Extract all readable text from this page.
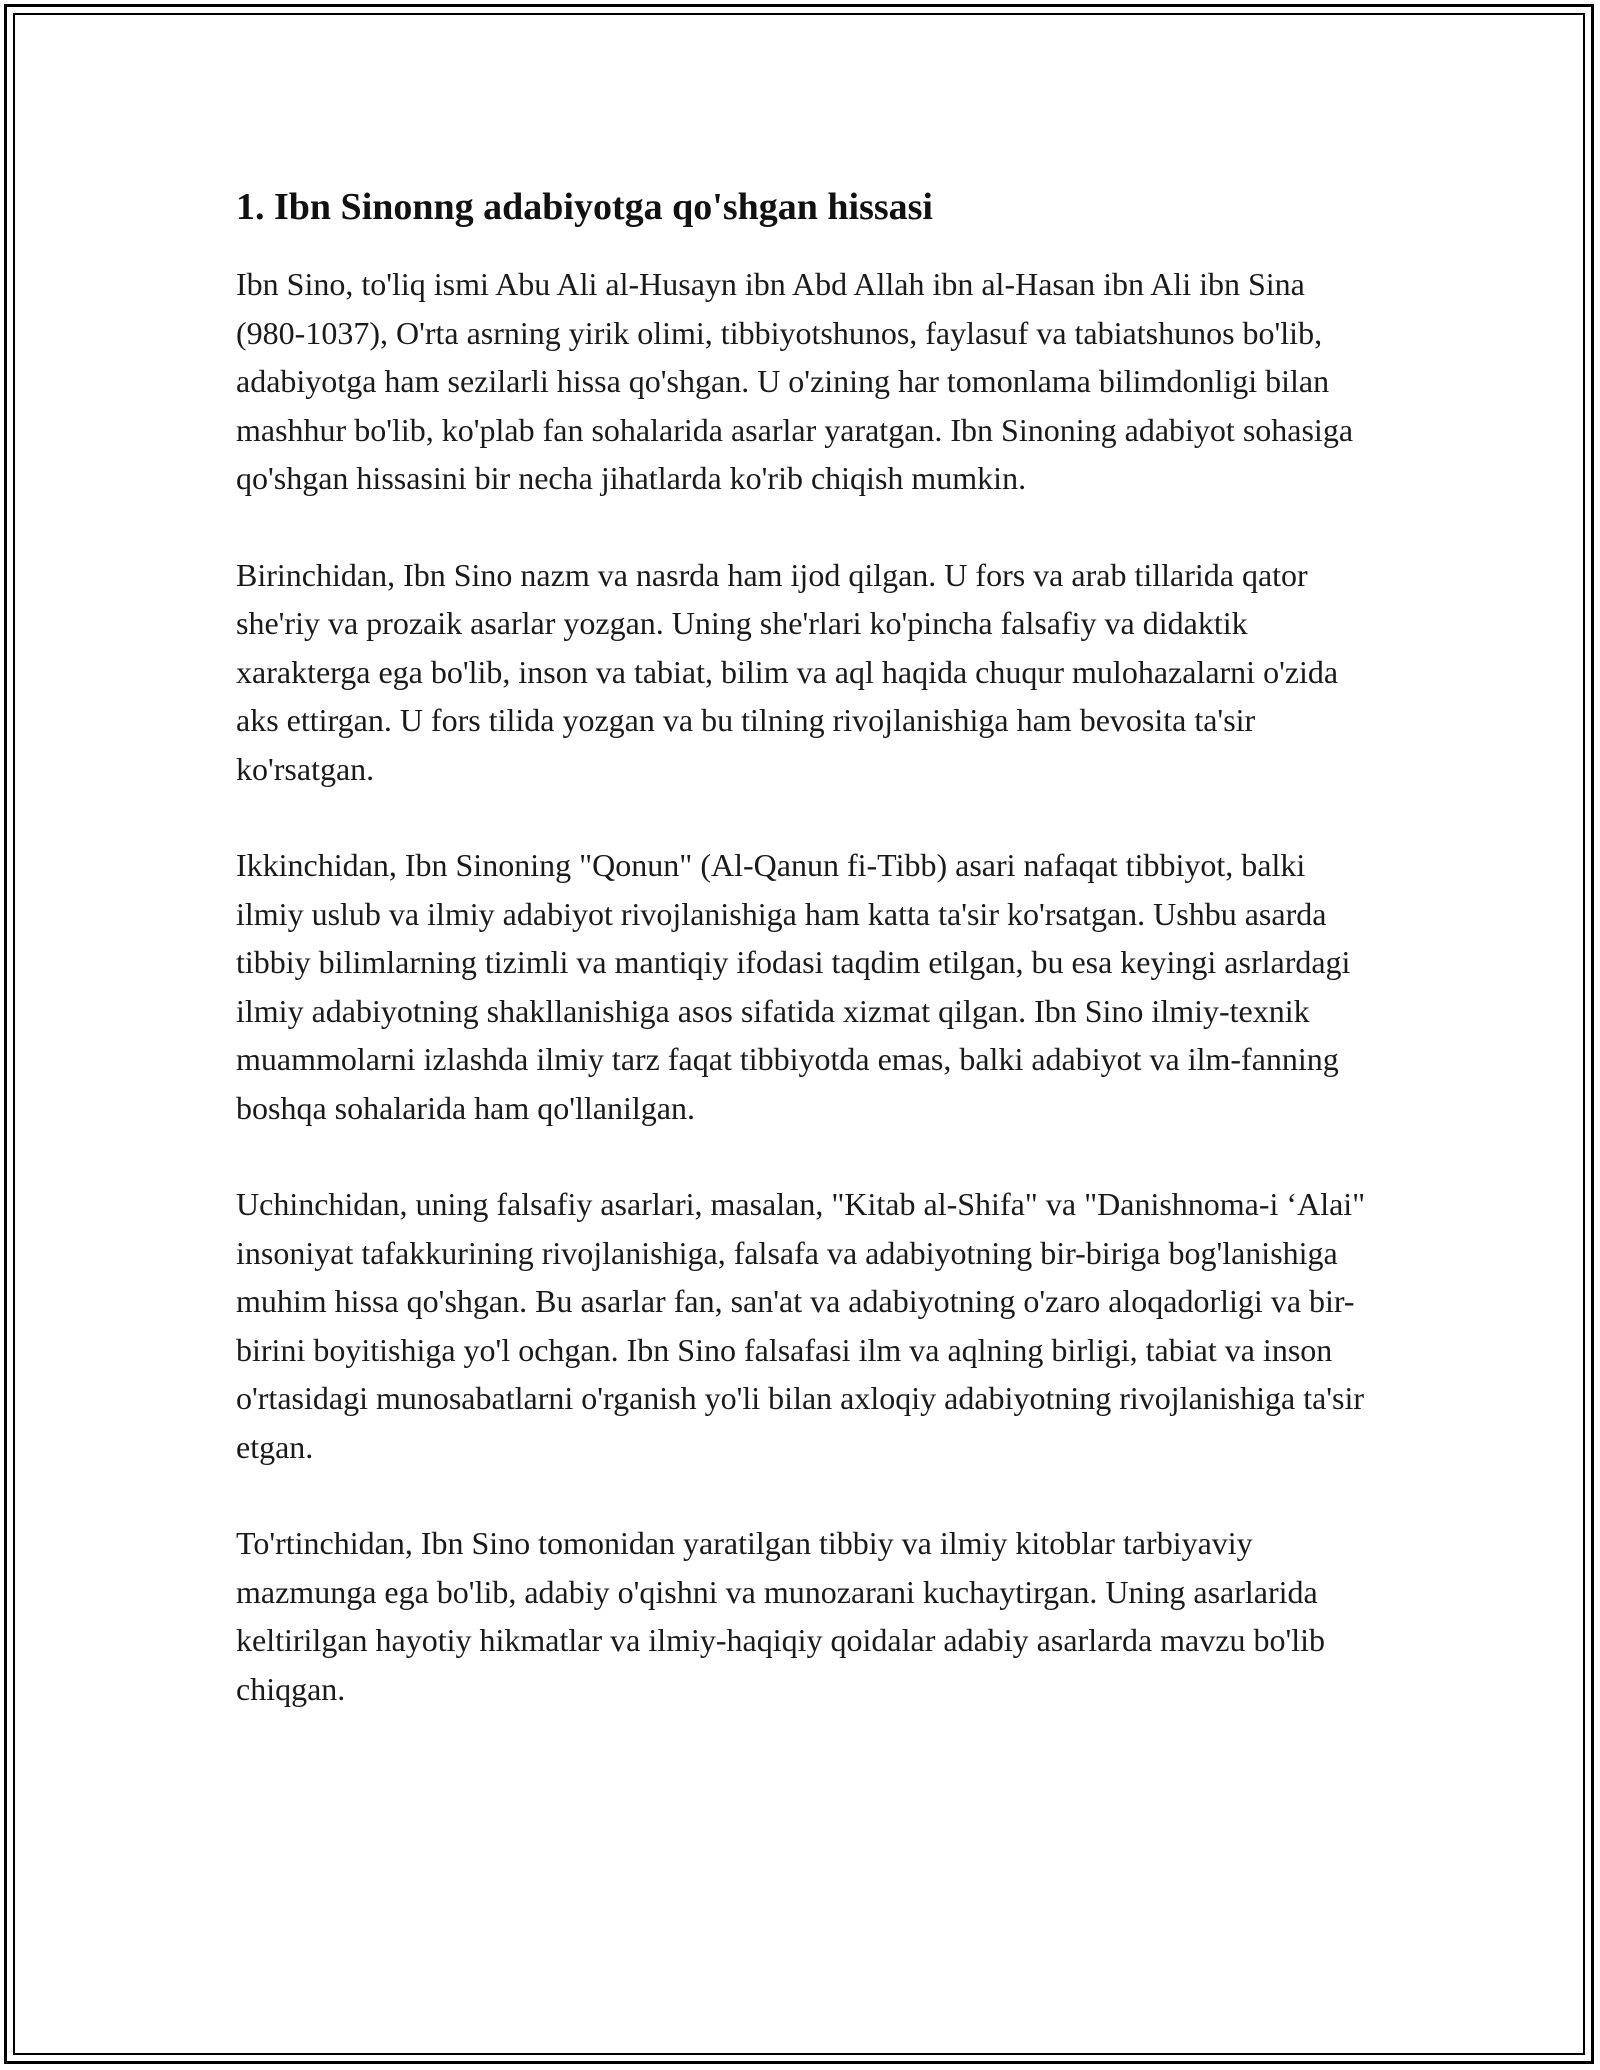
1. Ibn Sinonng adabiyotga qo'shgan hissasi

Ibn Sino, to'liq ismi Abu Ali al-Husayn ibn Abd Allah ibn al-Hasan ibn Ali ibn Sina (980-1037), O'rta asrning yirik olimi, tibbiyotshunos, faylasuf va tabiatshunos bo'lib, adabiyotga ham sezilarli hissa qo'shgan. U o'zining har tomonlama bilimdonligi bilan mashhur bo'lib, ko'plab fan sohalarida asarlar yaratgan. Ibn Sinoning adabiyot sohasiga qo'shgan hissasini bir necha jihatlarda ko'rib chiqish mumkin.

Birinchidan, Ibn Sino nazm va nasrda ham ijod qilgan. U fors va arab tillarida qator she'riy va prozaik asarlar yozgan. Uning she'rlari ko'pincha falsafiy va didaktik xarakterga ega bo'lib, inson va tabiat, bilim va aql haqida chuqur mulohazalarni o'zida aks ettirgan. U fors tilida yozgan va bu tilning rivojlanishiga ham bevosita ta'sir ko'rsatgan.

Ikkinchidan, Ibn Sinoning "Qonun" (Al-Qanun fi-Tibb) asari nafaqat tibbiyot, balki ilmiy uslub va ilmiy adabiyot rivojlanishiga ham katta ta'sir ko'rsatgan. Ushbu asarda tibbiy bilimlarning tizimli va mantiqiy ifodasi taqdim etilgan, bu esa keyingi asrlardagi ilmiy adabiyotning shakllanishiga asos sifatida xizmat qilgan. Ibn Sino ilmiy-texnik muammolarni izlashda ilmiy tarz faqat tibbiyotda emas, balki adabiyot va ilm-fanning boshqa sohalarida ham qo'llanilgan.

Uchinchidan, uning falsafiy asarlari, masalan, "Kitab al-Shifa" va "Danishnoma-i ‘Alai" insoniyat tafakkurining rivojlanishiga, falsafa va adabiyotning bir-biriga bog'lanishiga muhim hissa qo'shgan. Bu asarlar fan, san'at va adabiyotning o'zaro aloqadorligi va bir-birini boyitishiga yo'l ochgan. Ibn Sino falsafasi ilm va aqlning birligi, tabiat va inson o'rtasidagi munosabatlarni o'rganish yo'li bilan axloqiy adabiyotning rivojlanishiga ta'sir etgan.

To'rtinchidan, Ibn Sino tomonidan yaratilgan tibbiy va ilmiy kitoblar tarbiyaviy mazmunga ega bo'lib, adabiy o'qishni va munozarani kuchaytirgan. Uning asarlarida keltirilgan hayotiy hikmatlar va ilmiy-haqiqiy qoidalar adabiy asarlarda mavzu bo'lib chiqgan.
